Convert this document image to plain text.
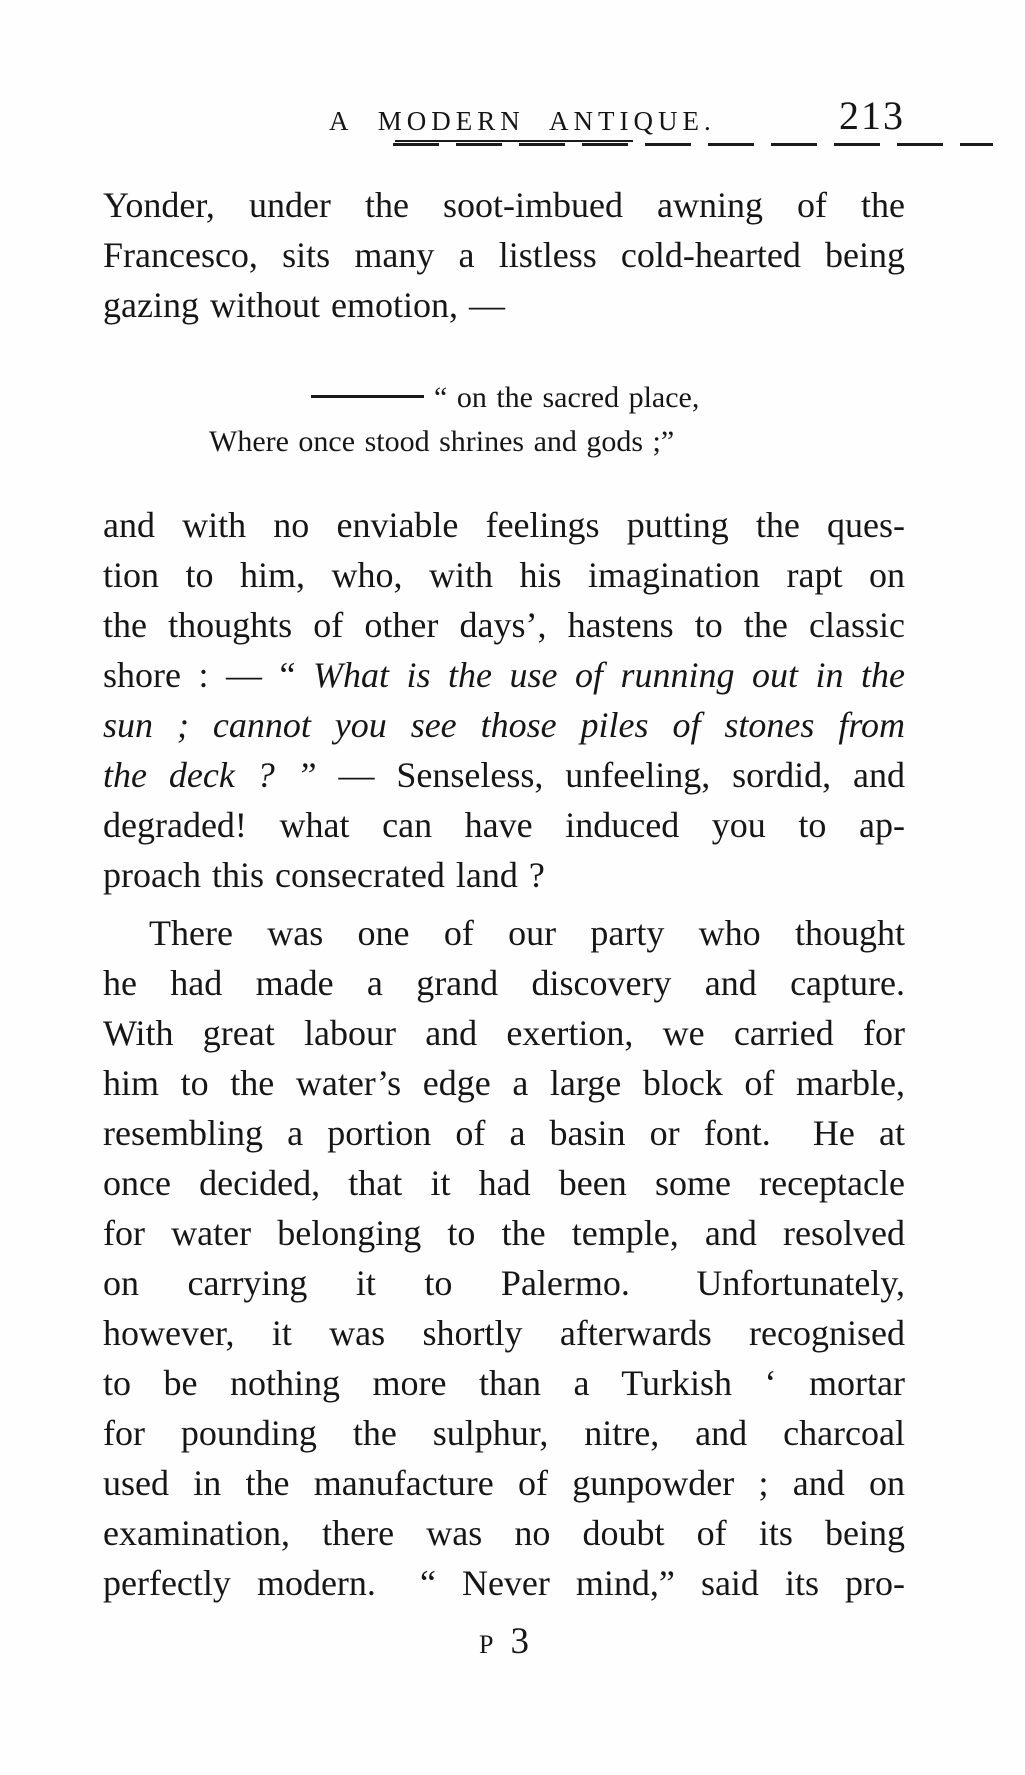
A MODERN ANTIQUE.	213
Yonder, under the soot-imbued awning of the
Francesco, sits many a listless cold-hearted being
gazing without emotion, —
“ on the sacred place,
Where once stood shrines and gods ;”
and with no enviable feelings putting the ques-
tion to him, who, with his imagination rapt on
the thoughts of other days’, hastens to the classic
shore : — “ What is the use of running out in the
sun ; cannot you see those piles of stones from
the deck ? ” — Senseless, unfeeling, sordid, and
degraded! what can have induced you to ap-
proach this consecrated land ?
There was one of our party who thought
he had made a grand discovery and capture.
With great labour and exertion, we carried for
him to the water’s edge a large block of marble,
resembling a portion of a basin or font.  He at
once decided, that it had been some receptacle
for water belonging to the temple, and resolved
on carrying it to Palermo.  Unfortunately,
however, it was shortly afterwards recognised
to be nothing more than a Turkish ‘ mortar
for pounding the sulphur, nitre, and charcoal
used in the manufacture of gunpowder ; and on
examination, there was no doubt of its being
perfectly modern.  “ Never mind,” said its pro-
P 3
